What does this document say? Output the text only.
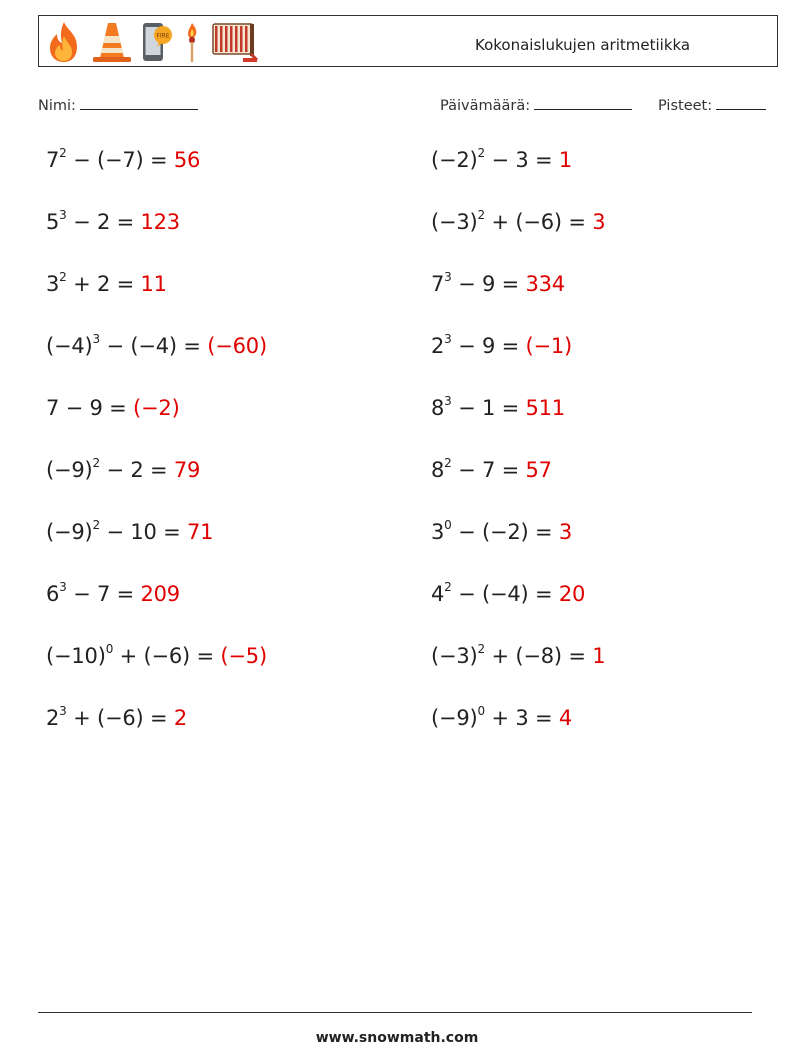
FIRE	Kokonaislukujen aritmetiikka
Nimi:	Päivämäärä:	Pisteet:
$7^2 - (-7) = 56$	$(-2)^2 - 3 = 1$
$5^3 - 2 = 123$	$(-3)^2 + (-6) = 3$
$3^2 + 2 = 11$	$7^3 - 9 = 334$
$(-4)^3 - (-4) = (-60)$	$2^3 - 9 = (-1)$
7 − 9 = (−2)	$8^3 - 1 = 511$
$(-9)^2 - 2 = 79$	$8^2 - 7 = 57$
$(-9)^2 - 10 = 71$	$3^0 - (-2) = 3$
$6^3 - 7 = 209$	$4^2 - (-4) = 20$
$(-10)^0 + (-6) = (-5)$	$(-3)^2 + (-8) = 1$
$2^3 + (-6) = 2$	$(-9)^0 + 3 = 4$
www.snowmath.com
